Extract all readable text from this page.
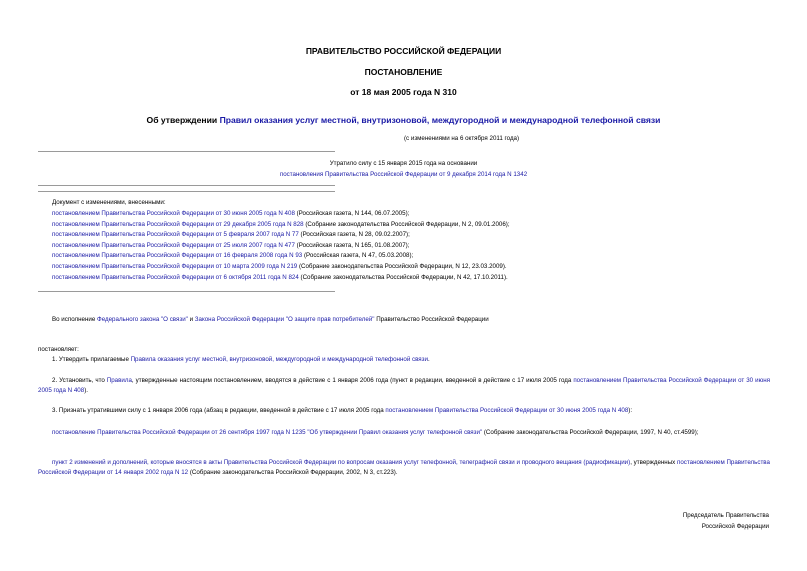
ПРАВИТЕЛЬСТВО РОССИЙСКОЙ ФЕДЕРАЦИИ
ПОСТАНОВЛЕНИЕ
от 18 мая 2005 года N 310
Об утверждении Правил оказания услуг местной, внутризоновой, междугородной и международной телефонной связи
(с изменениями на 6 октября 2011 года)
Утратило силу с 15 января 2015 года на основании
постановления Правительства Российской Федерации от 9 декабря 2014 года N 1342
Документ с изменениями, внесенными:
постановлением Правительства Российской Федерации от 30 июня 2005 года N 408 (Российская газета, N 144, 06.07.2005);
постановлением Правительства Российской Федерации от 29 декабря 2005 года N 828 (Собрание законодательства Российской Федерации, N 2, 09.01.2006);
постановлением Правительства Российской Федерации от 5 февраля 2007 года N 77 (Российская газета, N 28, 09.02.2007);
постановлением Правительства Российской Федерации от 25 июля 2007 года N 477 (Российская газета, N 165, 01.08.2007);
постановлением Правительства Российской Федерации от 16 февраля 2008 года N 93 (Российская газета, N 47, 05.03.2008);
постановлением Правительства Российской Федерации от 10 марта 2009 года N 219 (Собрание законодательства Российской Федерации, N 12, 23.03.2009).
постановлением Правительства Российской Федерации от 6 октября 2011 года N 824 (Собрание законодательства Российской Федерации, N 42, 17.10.2011).
Во исполнение Федерального закона "О связи" и Закона Российской Федерации "О защите прав потребителей" Правительство Российской Федерации
постановляет:
1. Утвердить прилагаемые Правила оказания услуг местной, внутризоновой, междугородной и международной телефонной связи.
2. Установить, что Правила, утвержденные настоящим постановлением, вводятся в действие с 1 января 2006 года (пункт в редакции, введенной в действие с 17 июля 2005 года постановлением Правительства Российской Федерации от 30 июня 2005 года N 408).
3. Признать утратившими силу с 1 января 2006 года (абзац в редакции, введенной в действие с 17 июля 2005 года постановлением Правительства Российской Федерации от 30 июня 2005 года N 408):
постановление Правительства Российской Федерации от 26 сентября 1997 года N 1235 "Об утверждении Правил оказания услуг телефонной связи" (Собрание законодательства Российской Федерации, 1997, N 40, ст.4599);
пункт 2 изменений и дополнений, которые вносятся в акты Правительства Российской Федерации по вопросам оказания услуг телефонной, телеграфной связи и проводного вещания (радиофикации), утвержденных постановлением Правительства Российской Федерации от 14 января 2002 года N 12 (Собрание законодательства Российской Федерации, 2002, N 3, ст.223).
Председатель Правительства
Российской Федерации
